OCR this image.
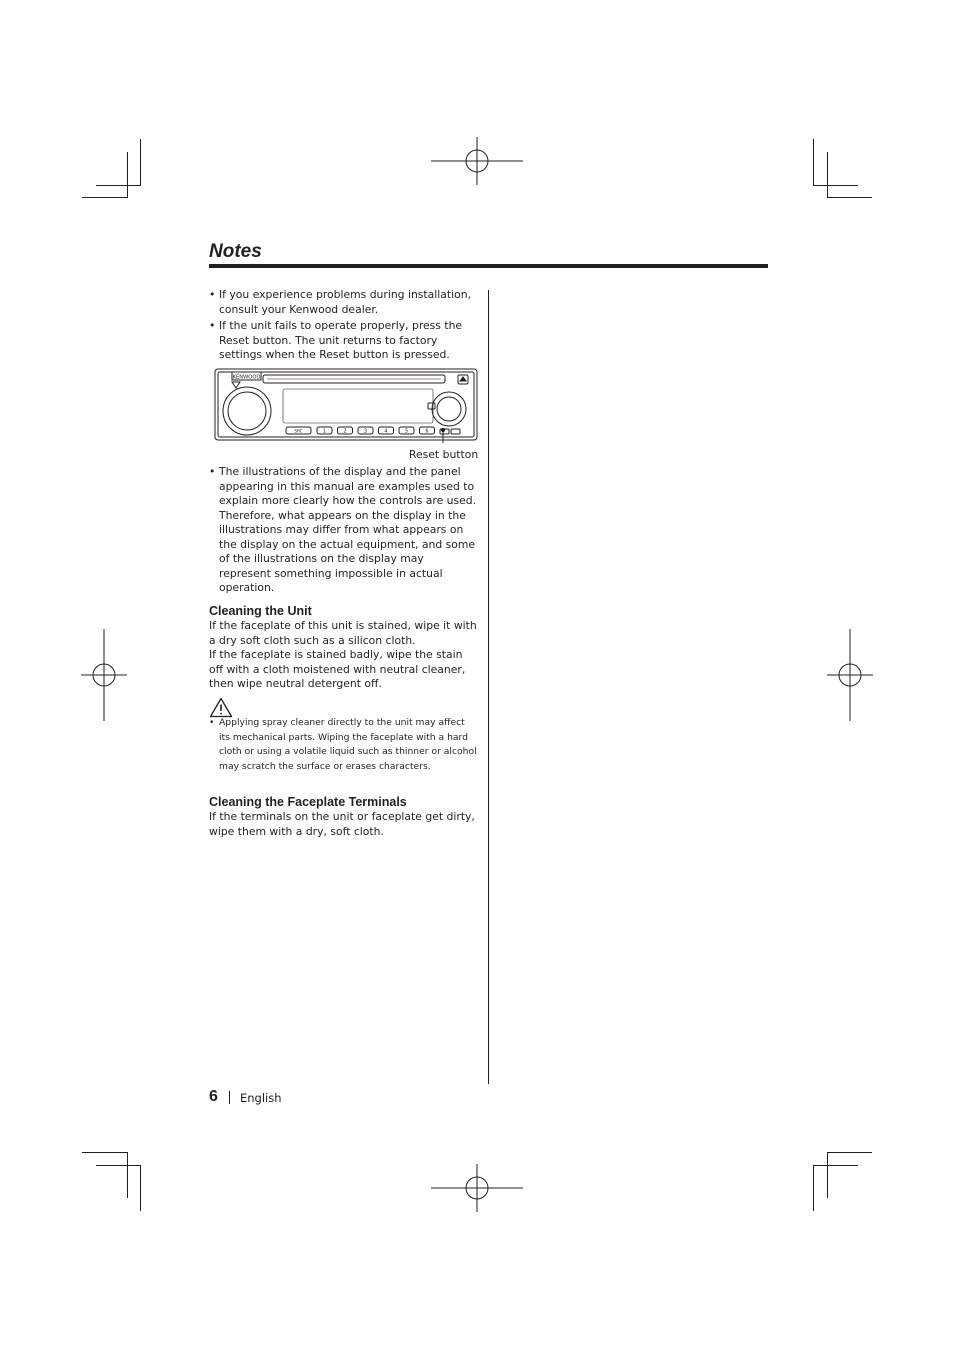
Notes

• If you experience problems during installation, consult your Kenwood dealer.

• If the unit fails to operate properly, press the Reset button. The unit returns to factory settings when the Reset button is pressed.

KENWOOD
SRC	1	2	3	4	5	6
Reset button

• The illustrations of the display and the panel appearing in this manual are examples used to explain more clearly how the controls are used. Therefore, what appears on the display in the illustrations may differ from what appears on the display on the actual equipment, and some of the illustrations on the display may represent something impossible in actual operation.

Cleaning the Unit

If the faceplate of this unit is stained, wipe it with a dry soft cloth such as a silicon cloth.

If the faceplate is stained badly, wipe the stain off with a cloth moistened with neutral cleaner, then wipe neutral detergent off.

• Applying spray cleaner directly to the unit may affect its mechanical parts. Wiping the faceplate with a hard cloth or using a volatile liquid such as thinner or alcohol may scratch the surface or erases characters.

Cleaning the Faceplate Terminals

If the terminals on the unit or faceplate get dirty, wipe them with a dry, soft cloth.

6 English
